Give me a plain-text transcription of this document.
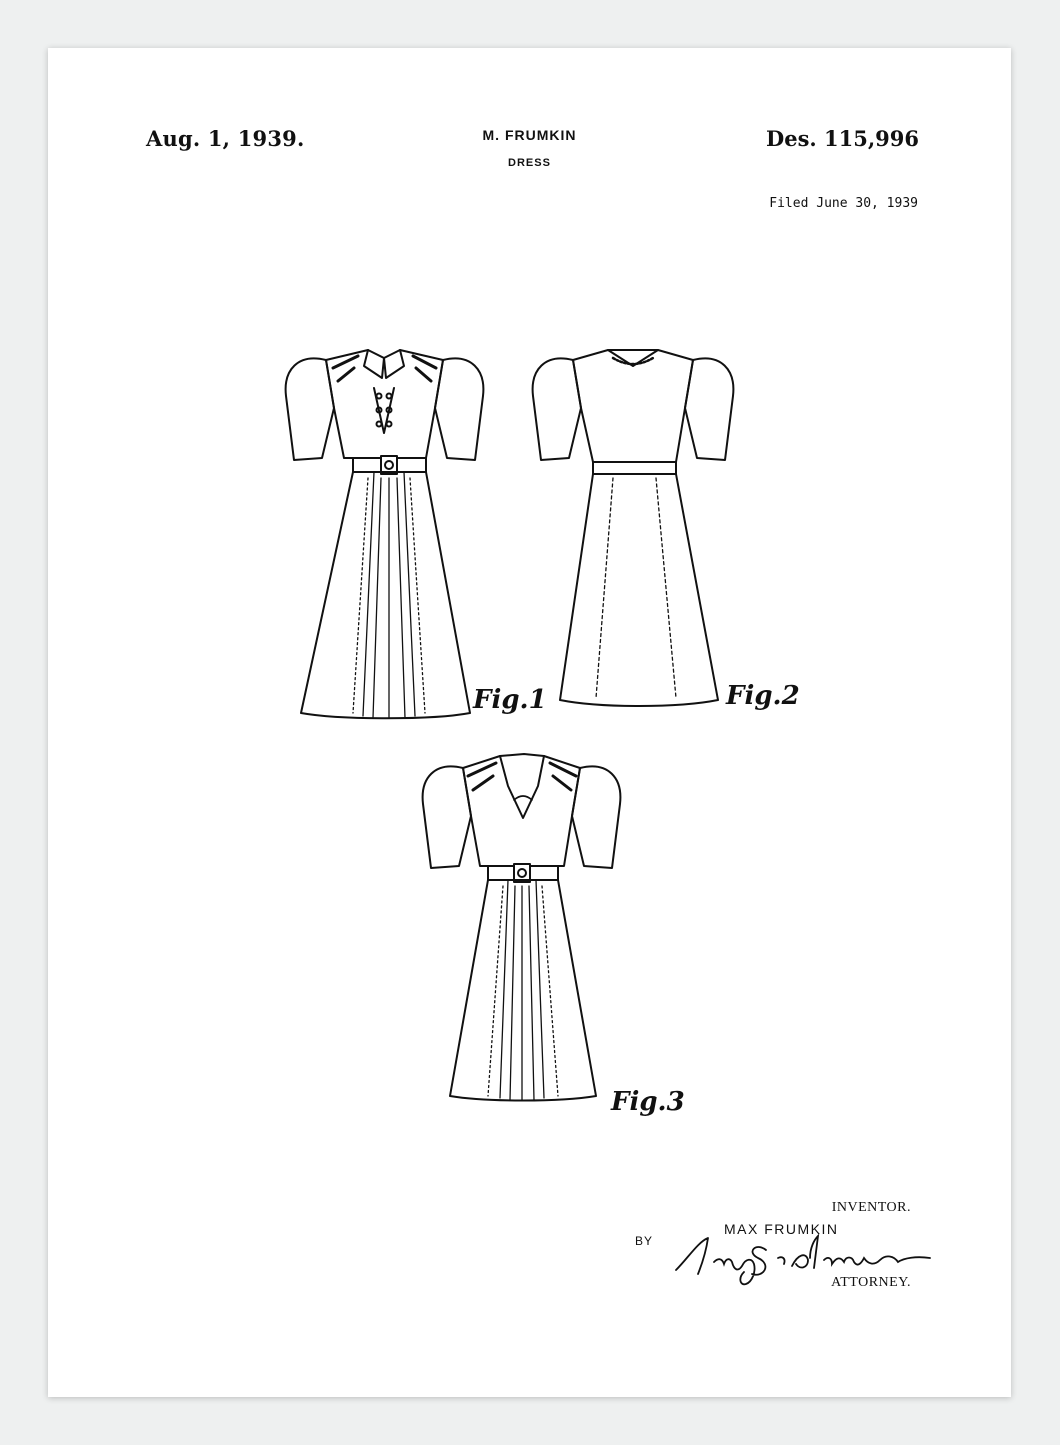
Aug. 1, 1939.	M. FRUMKIN
DRESS
Des. 115,996
Filed June 30, 1939
Fig.1	Fig.2
Fig.3
INVENTOR.
MAX FRUMKIN
BY
ATTORNEY.
